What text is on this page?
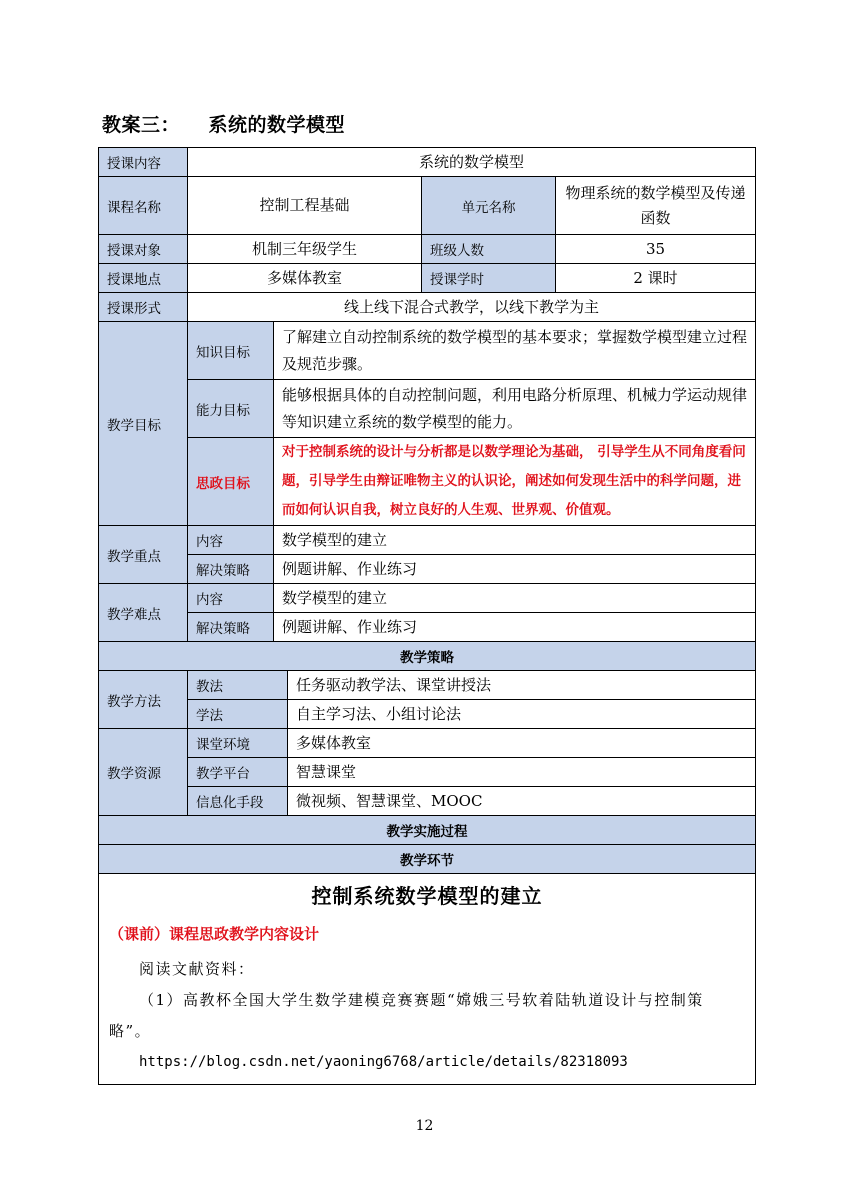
教案三：    系统的数学模型
授课内容	系统的数学模型				
课程名称	控制工程基础			单元名称	物理系统的数学模型及传递函数
授课对象	机制三年级学生			班级人数	35
授课地点	多媒体教室			授课学时	2 课时
授课形式	线上线下混合式教学，以线下教学为主				
教学目标	知识目标	了解建立自动控制系统的数学模型的基本要求；掌握数学模型建立过程及规范步骤。			
	能力目标	能够根据具体的自动控制问题，利用电路分析原理、机械力学运动规律等知识建立系统的数学模型的能力。			
	思政目标	对于控制系统的设计与分析都是以数学理论为基础， 引导学生从不同角度看问题，引导学生由辩证唯物主义的认识论，阐述如何发现生活中的科学问题，进而如何认识自我，树立良好的人生观、世界观、价值观。			
教学重点	内容	数学模型的建立			
	解决策略	例题讲解、作业练习			
教学难点	内容	数学模型的建立			
	解决策略	例题讲解、作业练习			
教学策略					
教学方法	教法		任务驱动教学法、课堂讲授法		
	学法		自主学习法、小组讨论法		
教学资源	课堂环境		多媒体教室		
	教学平台		智慧课堂		
	信息化手段		微视频、智慧课堂、MOOC		
教学实施过程					
教学环节					

控制系统数学模型的建立
（课前）课程思政教学内容设计
阅读文献资料：
（1）高教杯全国大学生数学建模竞赛赛题“嫦娥三号软着陆轨道设计与控制策略”。
https://blog.csdn.net/yaoning6768/article/details/82318093					
12
